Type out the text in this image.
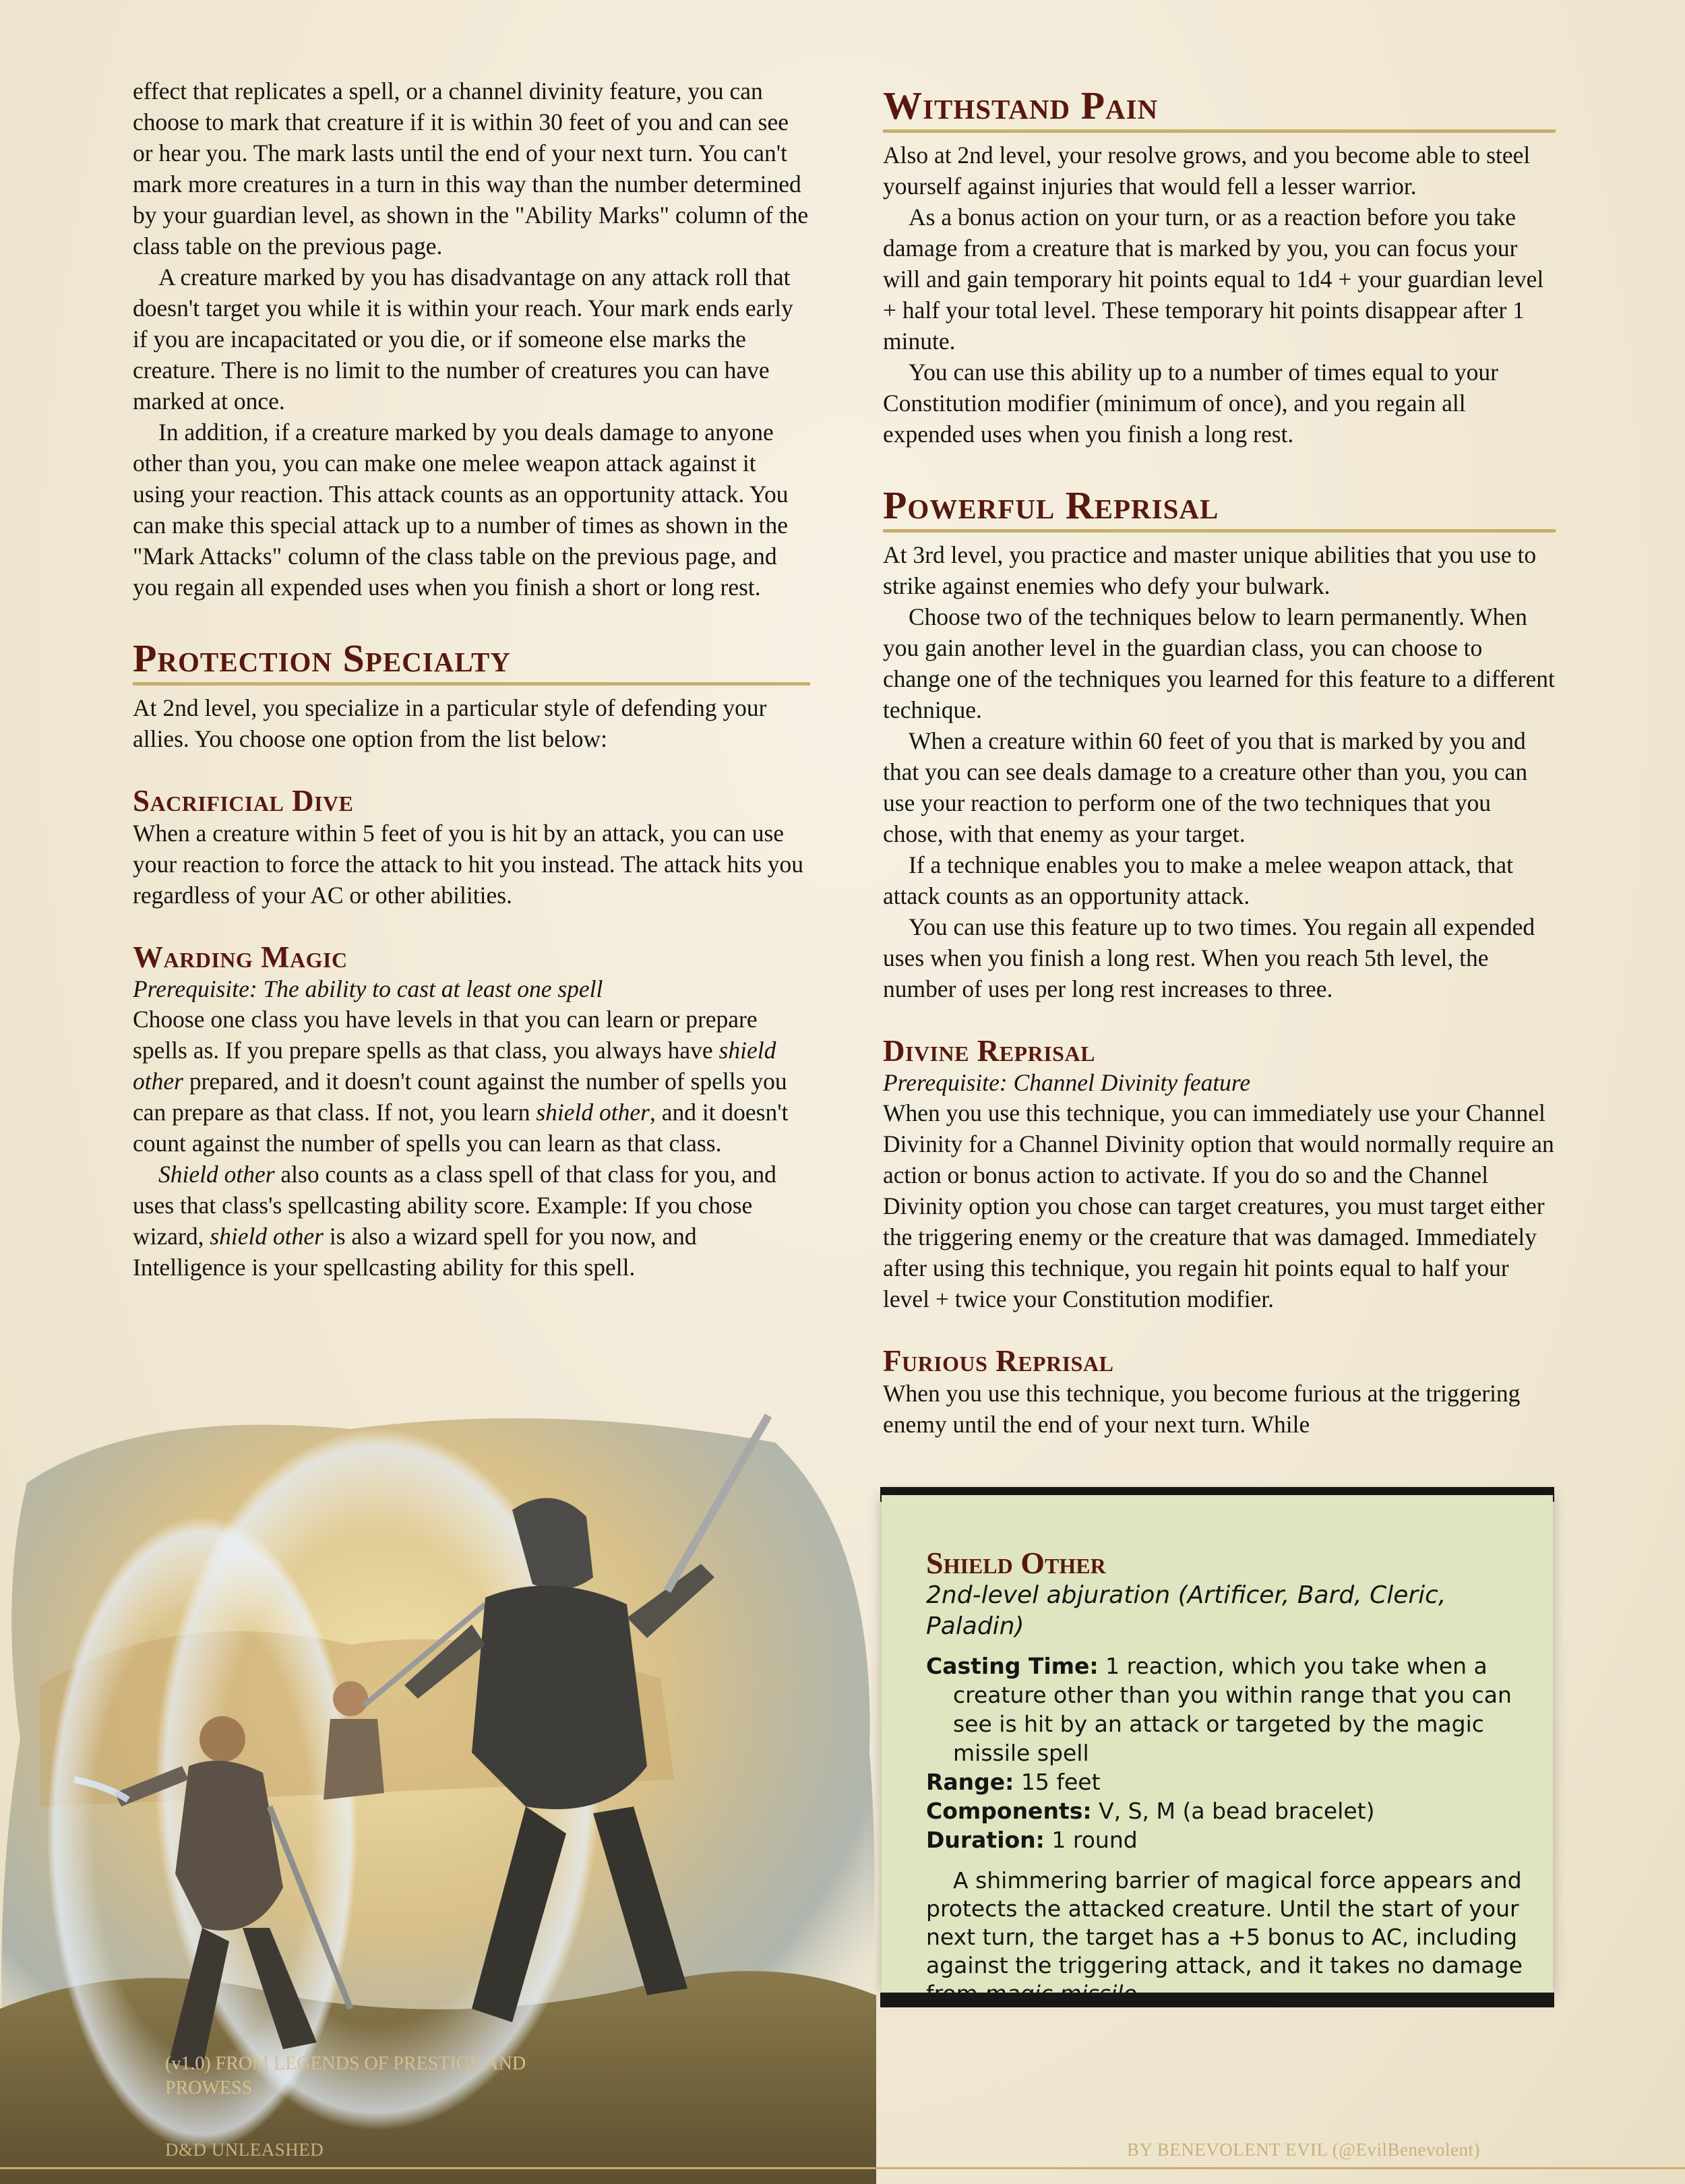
effect that replicates a spell, or a channel divinity feature, you can choose to mark that creature if it is within 30 feet of you and can see or hear you. The mark lasts until the end of your next turn. You can't mark more creatures in a turn in this way than the number determined by your guardian level, as shown in the "Ability Marks" column of the class table on the previous page.

A creature marked by you has disadvantage on any attack roll that doesn't target you while it is within your reach. Your mark ends early if you are incapacitated or you die, or if someone else marks the creature. There is no limit to the number of creatures you can have marked at once.

In addition, if a creature marked by you deals damage to anyone other than you, you can make one melee weapon attack against it using your reaction. This attack counts as an opportunity attack. You can make this special attack up to a number of times as shown in the "Mark Attacks" column of the class table on the previous page, and you regain all expended uses when you finish a short or long rest.

Protection Specialty

At 2nd level, you specialize in a particular style of defending your allies. You choose one option from the list below:

Sacrificial Dive

When a creature within 5 feet of you is hit by an attack, you can use your reaction to force the attack to hit you instead. The attack hits you regardless of your AC or other abilities.

Warding Magic
Prerequisite: The ability to cast at least one spell

Choose one class you have levels in that you can learn or prepare spells as. If you prepare spells as that class, you always have shield other prepared, and it doesn't count against the number of spells you can prepare as that class. If not, you learn shield other, and it doesn't count against the number of spells you can learn as that class.

Shield other also counts as a class spell of that class for you, and uses that class's spellcasting ability score. Example: If you chose wizard, shield other is also a wizard spell for you now, and Intelligence is your spellcasting ability for this spell.

Withstand Pain

Also at 2nd level, your resolve grows, and you become able to steel yourself against injuries that would fell a lesser warrior.

As a bonus action on your turn, or as a reaction before you take damage from a creature that is marked by you, you can focus your will and gain temporary hit points equal to 1d4 + your guardian level + half your total level. These temporary hit points disappear after 1 minute.

You can use this ability up to a number of times equal to your Constitution modifier (minimum of once), and you regain all expended uses when you finish a long rest.

Powerful Reprisal

At 3rd level, you practice and master unique abilities that you use to strike against enemies who defy your bulwark.

Choose two of the techniques below to learn permanently. When you gain another level in the guardian class, you can choose to change one of the techniques you learned for this feature to a different technique.

When a creature within 60 feet of you that is marked by you and that you can see deals damage to a creature other than you, you can use your reaction to perform one of the two techniques that you chose, with that enemy as your target.

If a technique enables you to make a melee weapon attack, that attack counts as an opportunity attack.

You can use this feature up to two times. You regain all expended uses when you finish a long rest. When you reach 5th level, the number of uses per long rest increases to three.

Divine Reprisal
Prerequisite: Channel Divinity feature

When you use this technique, you can immediately use your Channel Divinity for a Channel Divinity option that would normally require an action or bonus action to activate. If you do so and the Channel Divinity option you chose can target creatures, you must target either the triggering enemy or the creature that was damaged. Immediately after using this technique, you regain hit points equal to half your level + twice your Constitution modifier.

Furious Reprisal

When you use this technique, you become furious at the triggering enemy until the end of your next turn. While

(v1.0) FROM LEGENDS OF PRESTIGE AND PROWESS
Shield Other
2nd-level abjuration (Artificer, Bard, Cleric, Paladin)
Casting Time: 1 reaction, which you take when a creature other than you within range that you can see is hit by an attack or targeted by the magic missile spell
Range: 15 feet
Components: V, S, M (a bead bracelet)
Duration: 1 round
A shimmering barrier of magical force appears and protects the attacked creature. Until the start of your next turn, the target has a +5 bonus to AC, including against the triggering attack, and it takes no damage
D&D UNLEASHED	BY BENEVOLENT EVIL (@EvilBenevolent)
